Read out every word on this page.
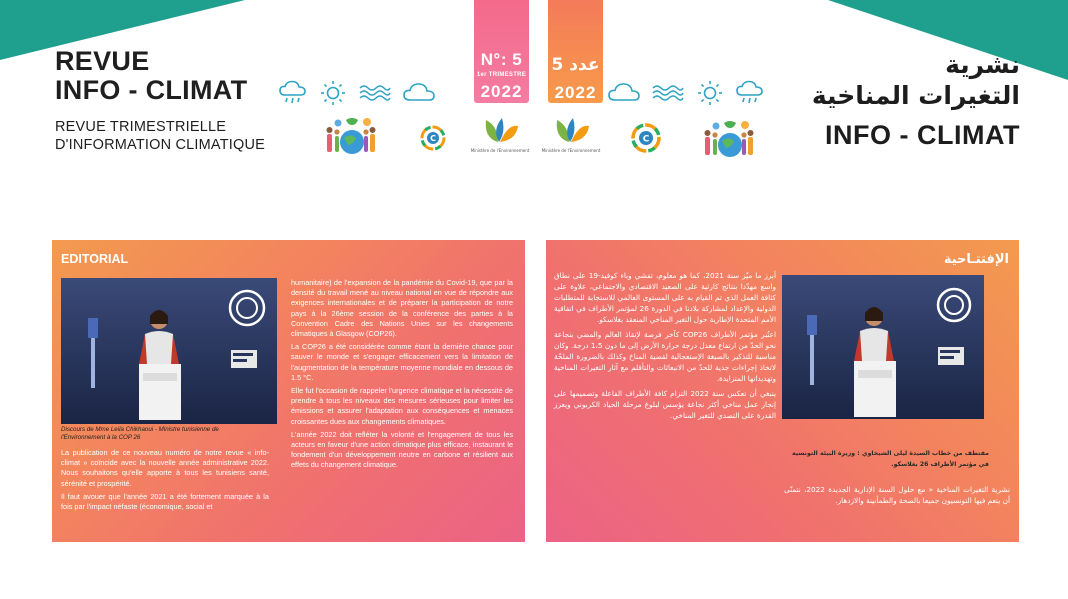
REVUE
INFO - CLIMAT
REVUE TRIMESTRIELLE
D'INFORMATION CLIMATIQUE
نشرية
التغيرات المناخية
INFO - CLIMAT
N°: 5
1er TRIMESTRE
2022
عدد 5
2022
C
Ministère de l'Environnement	Ministère de l'Environnement
C
EDITORIAL
Discours de Mme Leila Chikhaoui - Ministre tunisienne de l'Environnement à la COP 26

La publication de ce nouveau numéro de notre revue « info-climat » coïncide avec la nouvelle année administrative 2022. Nous souhaitons qu'elle apporte à tous les tunisiens santé, sérénité et prospérité.

Il faut avouer que l'année 2021 a été fortement marquée à la fois par l'impact néfaste (économique, social et

humanitaire) de l'expansion de la pandémie du Covid-19, que par la densité du travail mené au niveau national en vue de répondre aux exigences internationales et de préparer la participation de notre pays à la 26ème session de la conférence des parties à la Convention Cadre des Nations Unies sur les changements climatiques à Glasgow (COP26).

La COP26 a été considérée comme étant la dernière chance pour sauver le monde et s'engager efficacement vers la limitation de l'augmentation de la température moyenne mondiale en dessous de 1.5 °C.

Elle fut l'occasion de rappeler l'urgence climatique et la nécessité de prendre à tous les niveaux des mesures sérieuses pour limiter les émissions et assurer l'adaptation aux conséquences et menaces croissantes dues aux changements climatiques.

L'année 2022 doit refléter la volonté et l'engagement de tous les acteurs en faveur d'une action climatique plus efficace, instaurant le fondement d'un développement neutre en carbone et résilient aux effets du changement climatique.

الإفتتـاحية
مقتطف من خطاب السيدة ليلى الشيخاوي : وزيرة البيئة التونسية في مؤتمر الأطراف 26 بغلاسكو.

أبرز ما ميّز سنة 2021، كما هو معلوم، تفشي وباء كوفيد-19 على نطاق واسع مهدّدا بنتائج كارثية على الصعيد الاقتصادي والاجتماعي، علاوة على كثافة العمل الذي تم القيام به على المستوى العالمي للاستجابة للمتطلبات الدولية والإعداد لمشاركة بلادنا في الدورة 26 لمؤتمر الأطراف في اتفاقية الأمم المتحدة الإطارية حول التغير المناخي المنعقد بغلاسكو.

اعتُبر مؤتمر الأطراف COP26 كآخر فرصة لإنقاذ العالم والمضي بنجاعة نحو الحدّ من ارتفاع معدل درجة حرارة الأرض إلى ما دون 1،5 درجة. وكان مناسبة للتذكير بالصبغة الإستعجالية لقضية المناخ وكذلك بالضرورة الملحّة لاتخاذ إجراءات جدية للحدّ من الانبعاثات والتأقلم مع آثار التغيرات المناخية وتهديداتها المتزايدة.

ينبغي أن تعكس سنة 2022 التزام كافة الأطراف الفاعلة وتصميمها على إنجاز عمل مناخي أكثر نجاعة يؤسس لبلوغ مرحلة الحياد الكربوني ويعزز القدرة على التصدي للتغير المناخي.

نشرية التغيرات المناخية « مع حلول السنة الإدارية الجديدة 2022، نتمنّى أن ينعم فيها التونسيون جميعا بالصحة والطمأنينة والازدهار.
